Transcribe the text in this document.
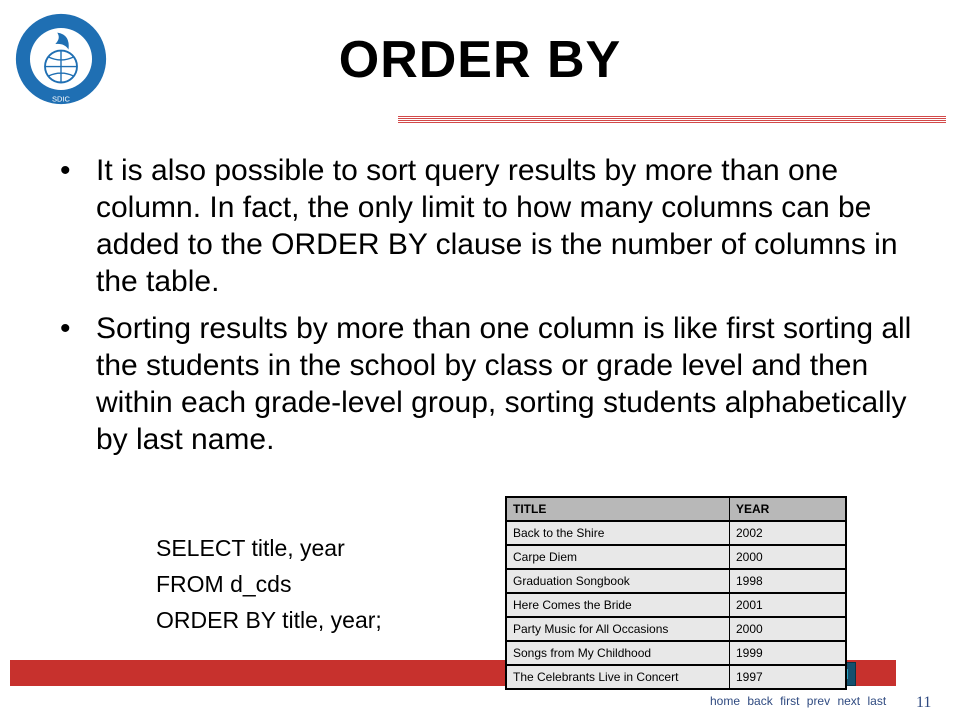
SDIC
ORDER BY
• It is also possible to sort query results by more than one column. In fact, the only limit to how many columns can be added to the ORDER BY clause is the number of columns in the table.
• Sorting results by more than one column is like first sorting all the students in the school by class or grade level and then within each grade-level group, sorting students alphabetically by last name.
SELECT title, year
FROM d_cds
ORDER BY title, year;
TITLE	YEAR
Back to the Shire	2002
Carpe Diem	2000
Graduation Songbook	1998
Here Comes the Bride	2001
Party Music for All Occasions	2000
Songs from My Childhood	1999
The Celebrants Live in Concert	1997
home back first prev next last 11
